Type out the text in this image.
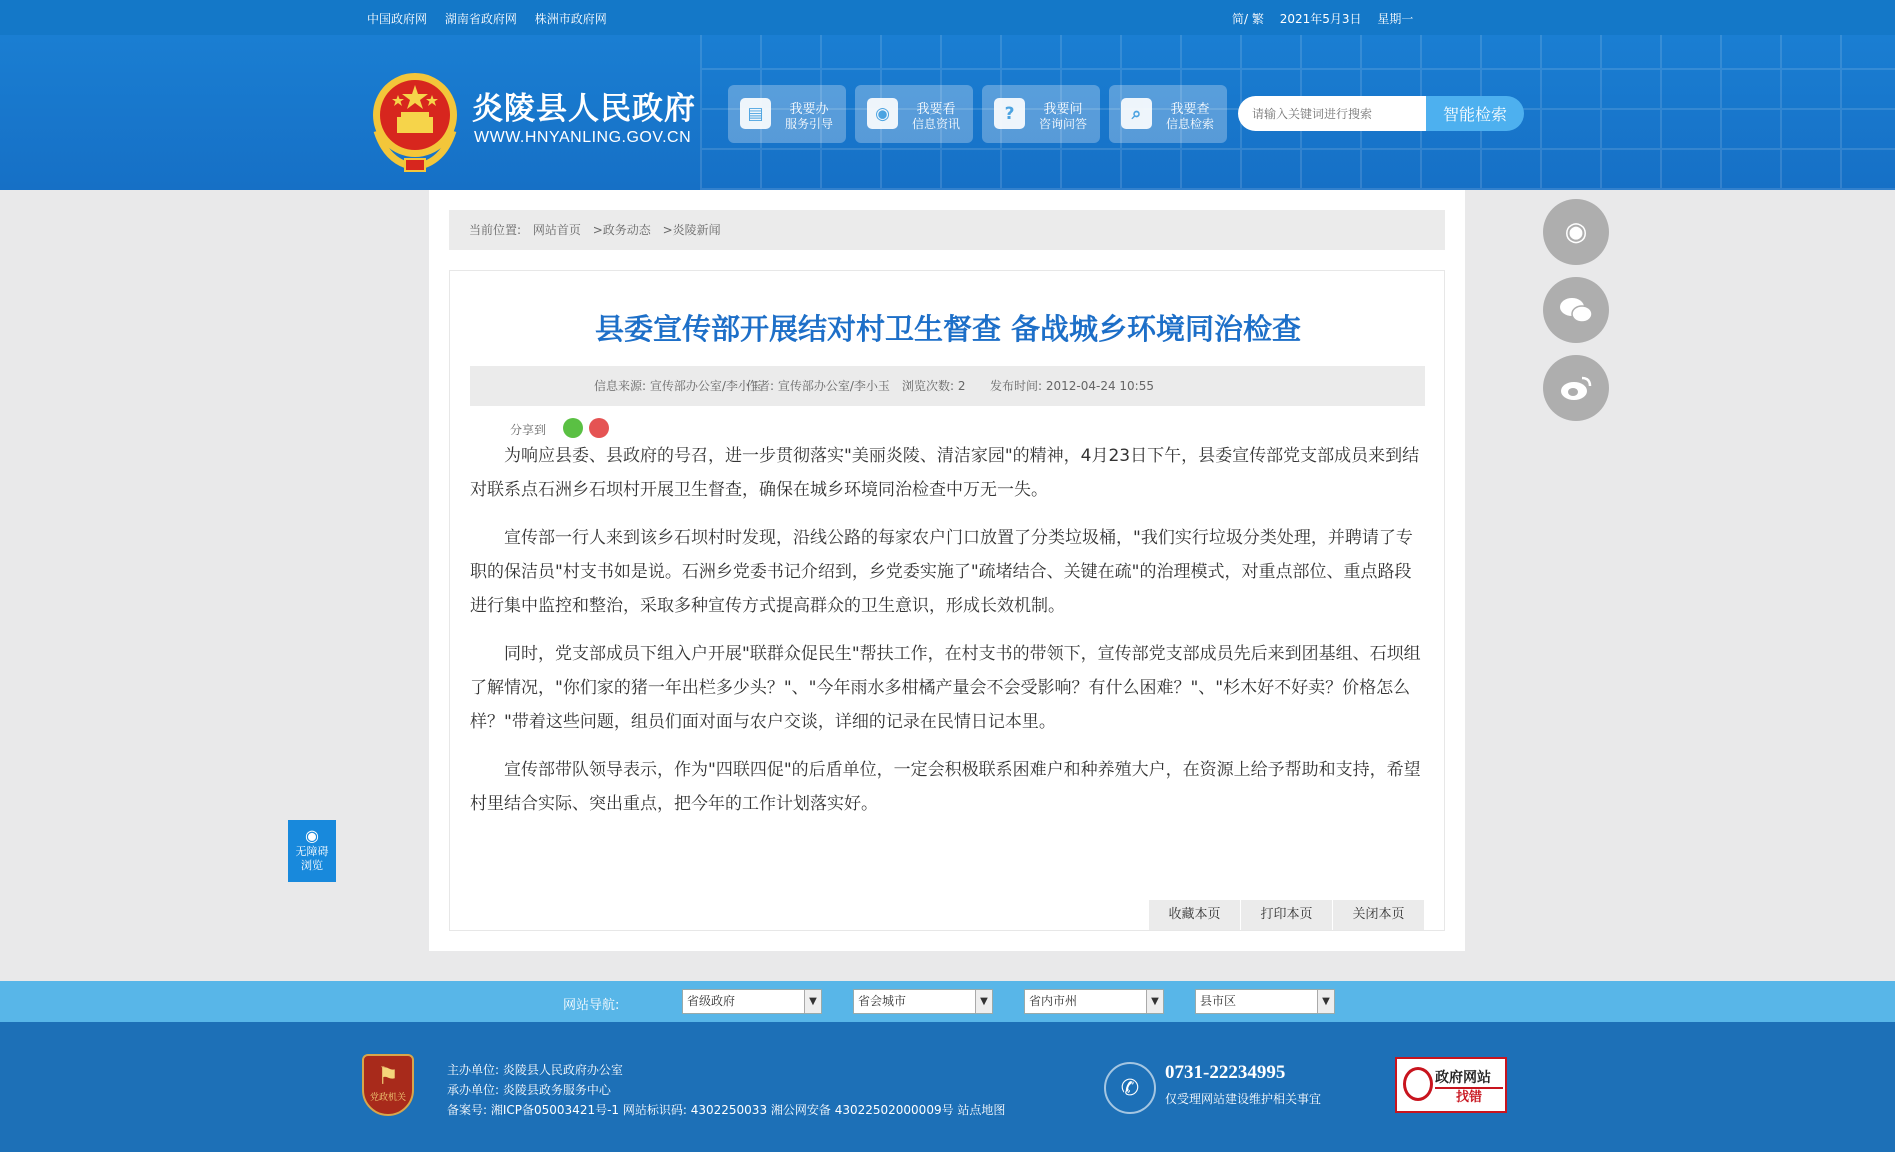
中国政府网 湖南省政府网 株洲市政府网	简/ 繁 2021年5月3日 星期一
炎陵县人民政府
WWW.HNYANLING.GOV.CN
▤	我要办
服务引导
◉	我要看
信息资讯
?	我要问
咨询问答
⌕	我要查
信息检索
请输入关键词进行搜索	智能检索
当前位置: 网站首页 >政务动态 >炎陵新闻
县委宣传部开展结对村卫生督查 备战城乡环境同治检查
信息来源: 宣传部办公室/李小玉
作者: 宣传部办公室/李小玉 浏览次数: 2 发布时间: 2012-04-24 10:55
分享到

为响应县委、县政府的号召，进一步贯彻落实"美丽炎陵、清洁家园"的精神，4月23日下午，县委宣传部党支部成员来到结对联系点石洲乡石坝村开展卫生督查，确保在城乡环境同治检查中万无一失。

宣传部一行人来到该乡石坝村时发现，沿线公路的每家农户门口放置了分类垃圾桶，"我们实行垃圾分类处理，并聘请了专职的保洁员"村支书如是说。石洲乡党委书记介绍到，乡党委实施了"疏堵结合、关键在疏"的治理模式，对重点部位、重点路段进行集中监控和整治，采取多种宣传方式提高群众的卫生意识，形成长效机制。

同时，党支部成员下组入户开展"联群众促民生"帮扶工作，在村支书的带领下，宣传部党支部成员先后来到团基组、石坝组了解情况，"你们家的猪一年出栏多少头？"、"今年雨水多柑橘产量会不会受影响？有什么困难？"、"杉木好不好卖？价格怎么样？"带着这些问题，组员们面对面与农户交谈，详细的记录在民情日记本里。

宣传部带队领导表示，作为"四联四促"的后盾单位，一定会积极联系困难户和种养殖大户，在资源上给予帮助和支持，希望村里结合实际、突出重点，把今年的工作计划落实好。

收藏本页	打印本页	关闭本页
◉
◉
无障碍
浏览
网站导航:	省级政府	▼	省会城市	▼	省内市州	▼	县市区	▼
⚑
党政机关
主办单位: 炎陵县人民政府办公室
承办单位: 炎陵县政务服务中心
备案号: 湘ICP备05003421号-1 网站标识码: 4302250033 湘公网安备 43022502000009号 站点地图
✆
0731-22234995
仅受理网站建设维护相关事宜
政府网站
找错
